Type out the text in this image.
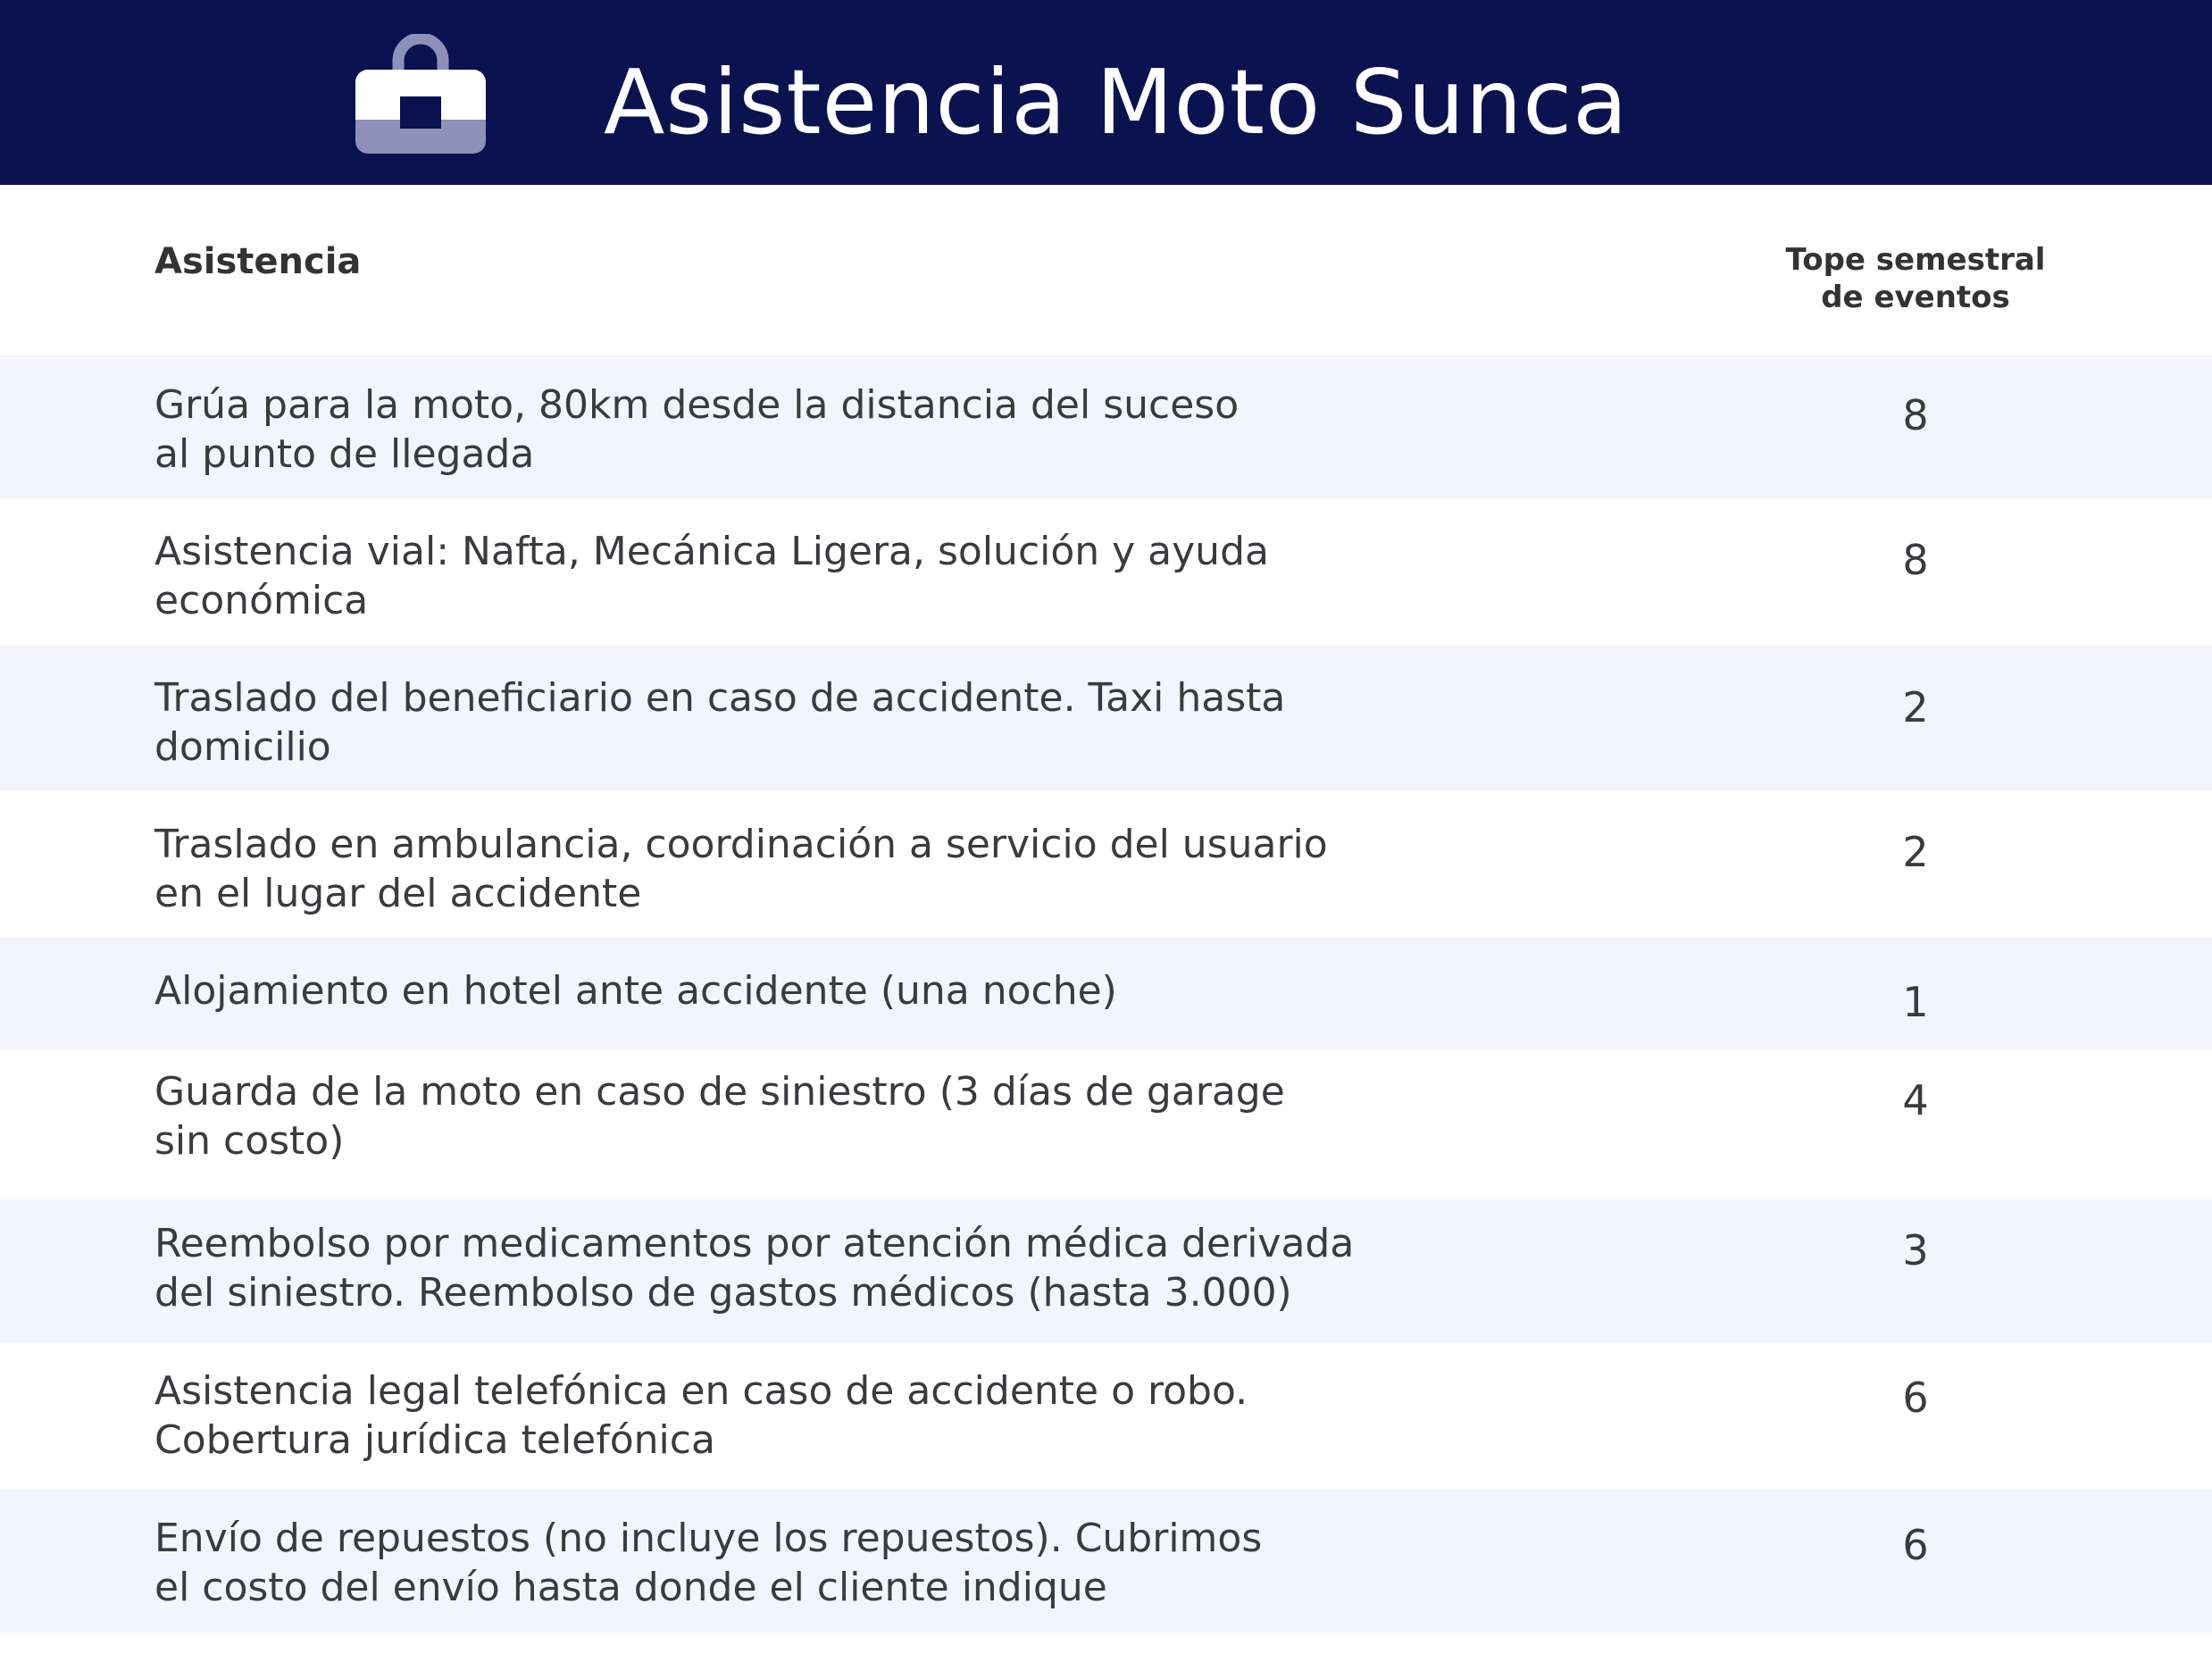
Asistencia Moto Sunca
Asistencia	Tope semestral
de eventos
Grúa para la moto, 80km desde la distancia del suceso
al punto de llegada
8
Asistencia vial: Nafta, Mecánica Ligera, solución y ayuda
económica
8
Traslado del beneficiario en caso de accidente. Taxi hasta
domicilio
2
Traslado en ambulancia, coordinación a servicio del usuario
en el lugar del accidente
2
Alojamiento en hotel ante accidente (una noche)	1
Guarda de la moto en caso de siniestro (3 días de garage
sin costo)
4
Reembolso por medicamentos por atención médica derivada
del siniestro. Reembolso de gastos médicos (hasta 3.000)
3
Asistencia legal telefónica en caso de accidente o robo.
Cobertura jurídica telefónica
6
Envío de repuestos (no incluye los repuestos). Cubrimos
el costo del envío hasta donde el cliente indique
6
